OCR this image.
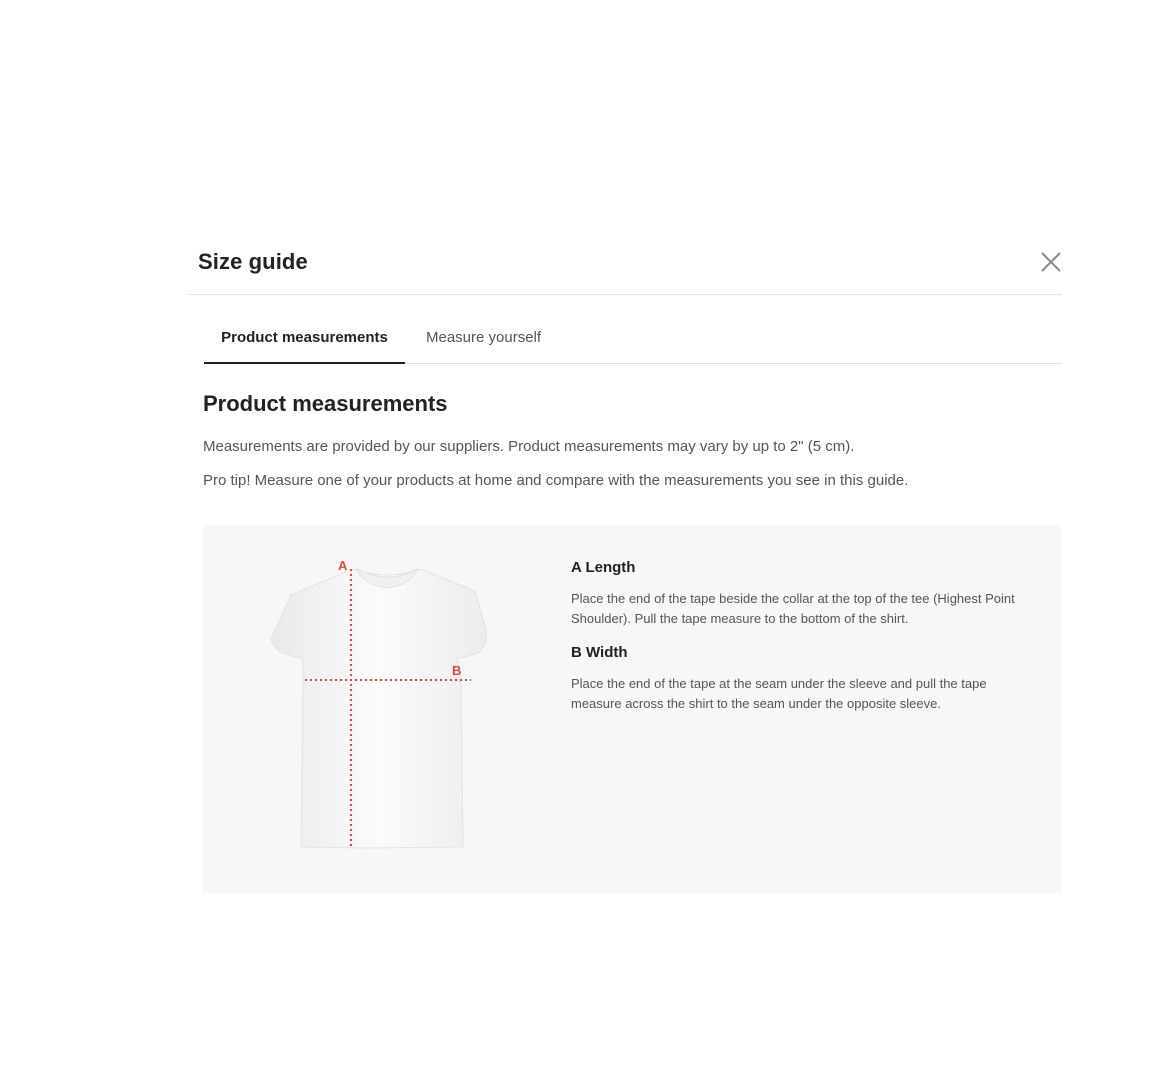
Size guide
Product measurements	Measure yourself
Product measurements
Measurements are provided by our suppliers. Product measurements may vary by up to 2" (5 cm).
Pro tip! Measure one of your products at home and compare with the measurements you see in this guide.
A
B
A Length
Place the end of the tape beside the collar at the top of the tee (Highest Point Shoulder). Pull the tape measure to the bottom of the shirt.
B Width
Place the end of the tape at the seam under the sleeve and pull the tape measure across the shirt to the seam under the opposite sleeve.
